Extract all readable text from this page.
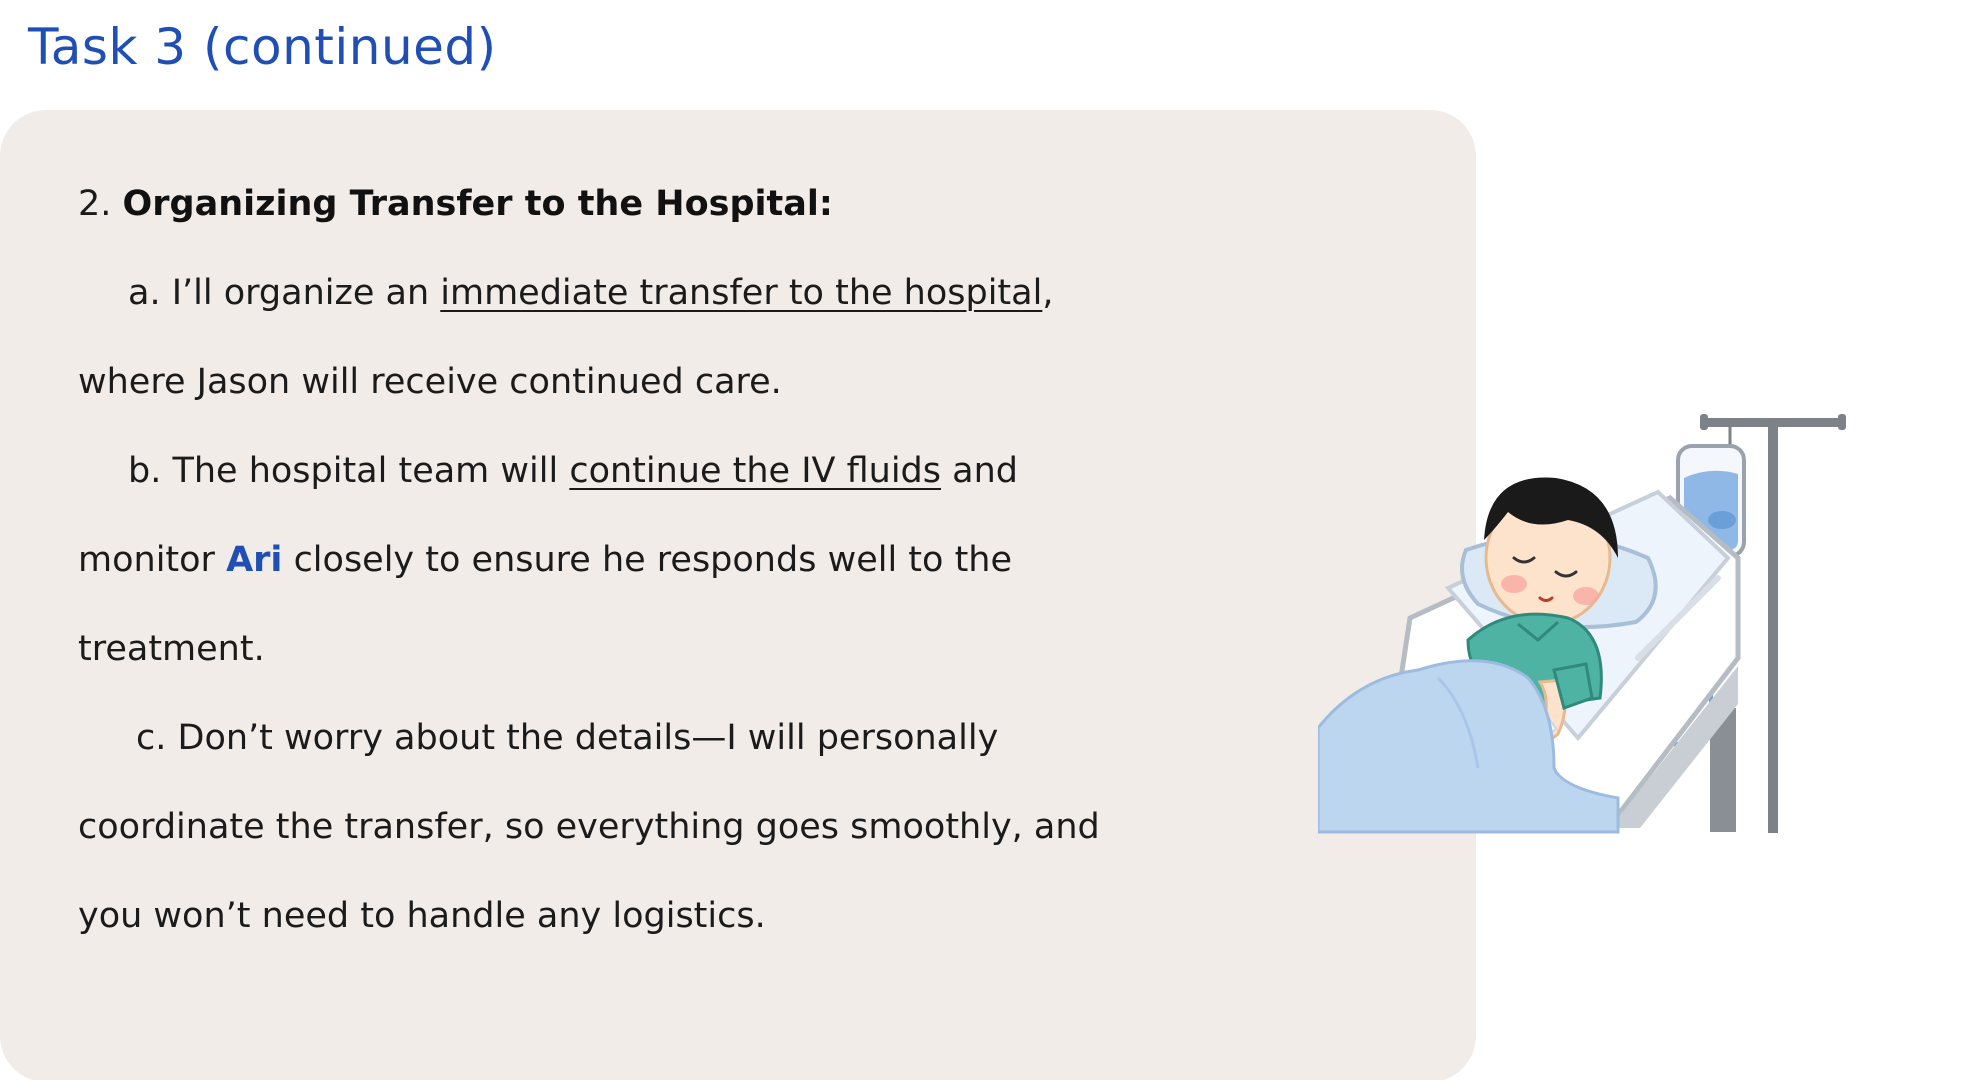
Task 3 (continued)
2. Organizing Transfer to the Hospital:
a. I’ll organize an immediate transfer to the hospital,
where Jason will receive continued care.
b. The hospital team will continue the IV fluids and
monitor Ari closely to ensure he responds well to the
treatment.
c. Don’t worry about the details—I will personally
coordinate the transfer, so everything goes smoothly, and
you won’t need to handle any logistics.
